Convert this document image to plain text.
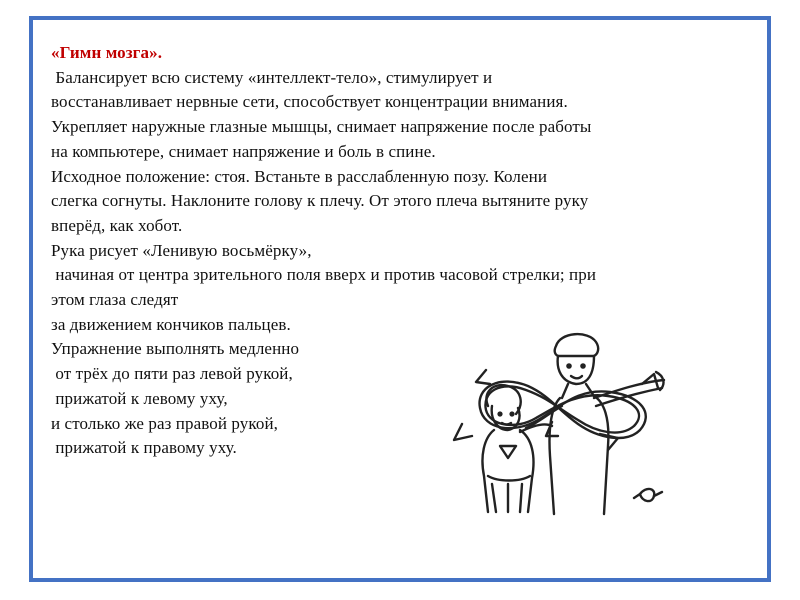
«Гимн мозга».
Балансирует всю систему «интеллект-тело», стимулирует и
восстанавливает нервные сети, способствует концентрации внимания.
Укрепляет наружные глазные мышцы, снимает напряжение после работы
на компьютере, снимает напряжение и боль в спине.
Исходное положение: стоя. Встаньте в расслабленную позу. Колени
слегка согнуты. Наклоните голову к плечу. От этого плеча вытяните руку
вперёд, как хобот.
Рука рисует «Ленивую восьмёрку»,
начиная от центра зрительного поля вверх и против часовой стрелки; при
этом глаза следят
за движением кончиков пальцев.
Упражнение выполнять медленно
от трёх до пяти раз левой рукой,
прижатой к левому уху,
и столько же раз правой рукой,
прижатой к правому уху.
